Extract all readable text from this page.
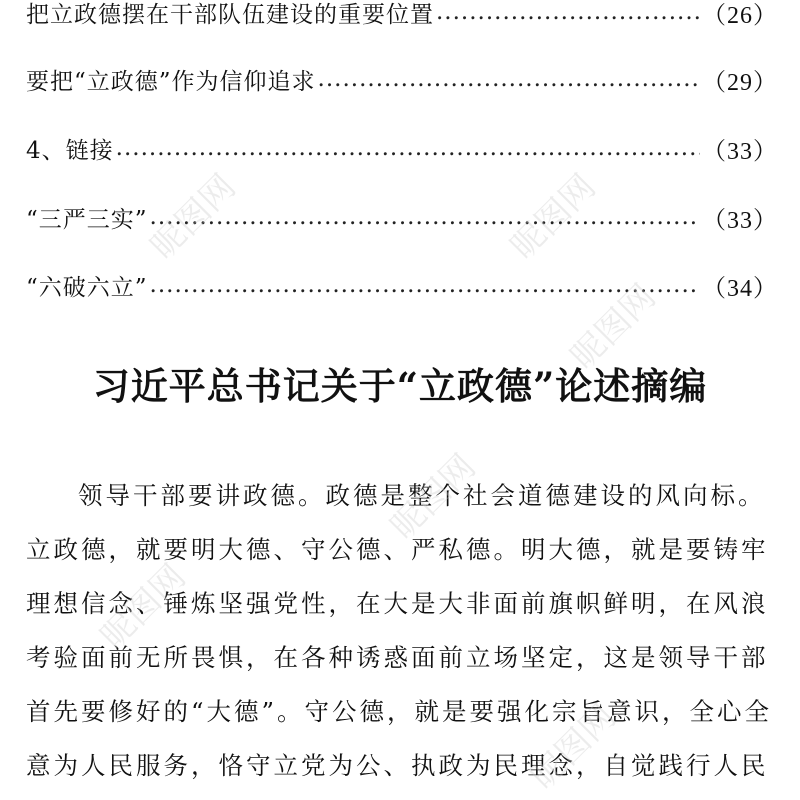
把立政德摆在干部队伍建设的重要位置 .....	（26）
要把“立政德”作为信仰追求 .....	（29）
4、链接 .....	（33）
“三严三实” .....	（33）
“六破六立” .....	（34）
习近平总书记关于“立政德”论述摘编
领导干部要讲政德。政德是整个社会道德建设的风向标。
立政德，就要明大德、守公德、严私德。明大德，就是要铸牢
理想信念、锤炼坚强党性，在大是大非面前旗帜鲜明，在风浪
考验面前无所畏惧，在各种诱惑面前立场坚定，这是领导干部
首先要修好的“大德”。守公德，就是要强化宗旨意识，全心全
意为人民服务，恪守立党为公、执政为民理念，自觉践行人民
昵图网	昵图网
昵图网
昵图网
昵图网
昵图网
